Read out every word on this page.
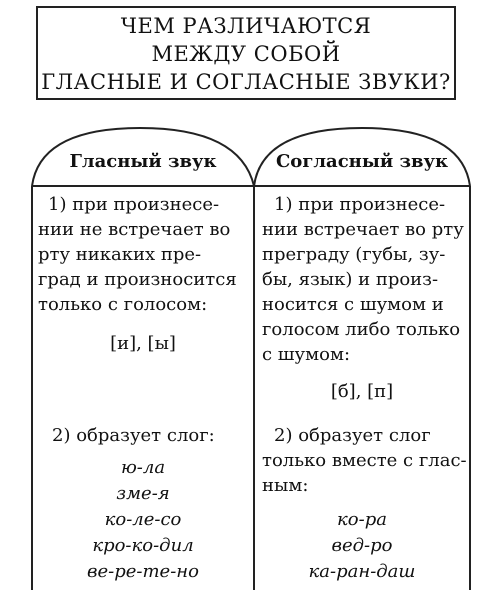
ЧЕМ РАЗЛИЧАЮТСЯ
МЕЖДУ СОБОЙ
ГЛАСНЫЕ И СОГЛАСНЫЕ ЗВУКИ?
Гласный звук	Согласный звук
1) при произнесе-
нии не встречает во
рту никаких пре-
град и произносится
только с голосом:
[и], [ы]
2) образует слог:
ю-ла
зме-я
ко-ле-со
кро-ко-дил
ве-ре-те-но
1) при произнесе-
нии встречает во рту
преграду (губы, зу-
бы, язык) и произ-
носится с шумом и
голосом либо только
с шумом:
[б], [п]
2) образует слог
только вместе с глас-
ным:
ко-ра
вед-ро
ка-ран-даш
